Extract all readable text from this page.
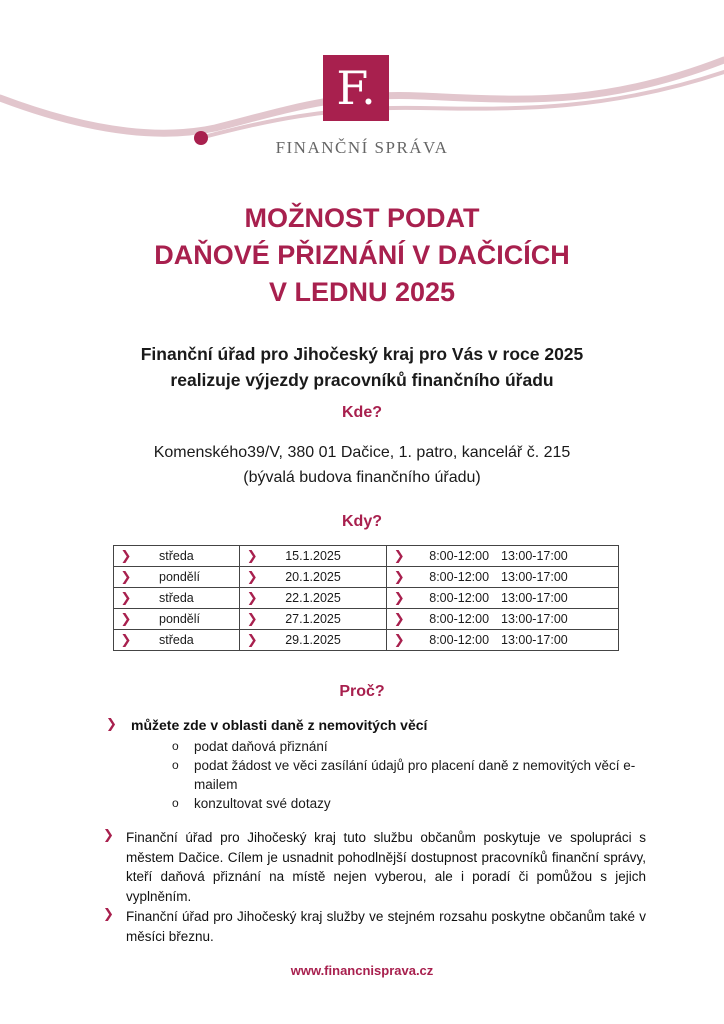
F.
FINANČNÍ SPRÁVA
MOŽNOST PODAT
DAŇOVÉ PŘIZNÁNÍ V DAČICÍCH
V LEDNU 2025
Finanční úřad pro Jihočeský kraj pro Vás v roce 2025
realizuje výjezdy pracovníků finančního úřadu
Kde?
Komenského39/V, 380 01 Dačice, 1. patro, kancelář č. 215
(bývalá budova finančního úřadu)
Kdy?
❯ středa	❯ 15.1.2025	❯ 8:00-12:00 13:00-17:00

❯ pondělí	❯ 20.1.2025	❯ 8:00-12:00 13:00-17:00

❯ středa	❯ 22.1.2025	❯ 8:00-12:00 13:00-17:00

❯ pondělí	❯ 27.1.2025	❯ 8:00-12:00 13:00-17:00

❯ středa	❯ 29.1.2025	❯ 8:00-12:00 13:00-17:00
Proč?
❯ můžete zde v oblasti daně z nemovitých věcí
o podat daňová přiznání
o podat žádost ve věci zasílání údajů pro placení daně z nemovitých věcí e-mailem
o konzultovat své dotazy
❯ Finanční úřad pro Jihočeský kraj tuto službu občanům poskytuje ve spolupráci s městem Dačice. Cílem je usnadnit pohodlnější dostupnost pracovníků finanční správy, kteří daňová přiznání na místě nejen vyberou, ale i poradí či pomůžou s jejich vyplněním.
❯ Finanční úřad pro Jihočeský kraj služby ve stejném rozsahu poskytne občanům také v měsíci březnu.
www.financnisprava.cz
